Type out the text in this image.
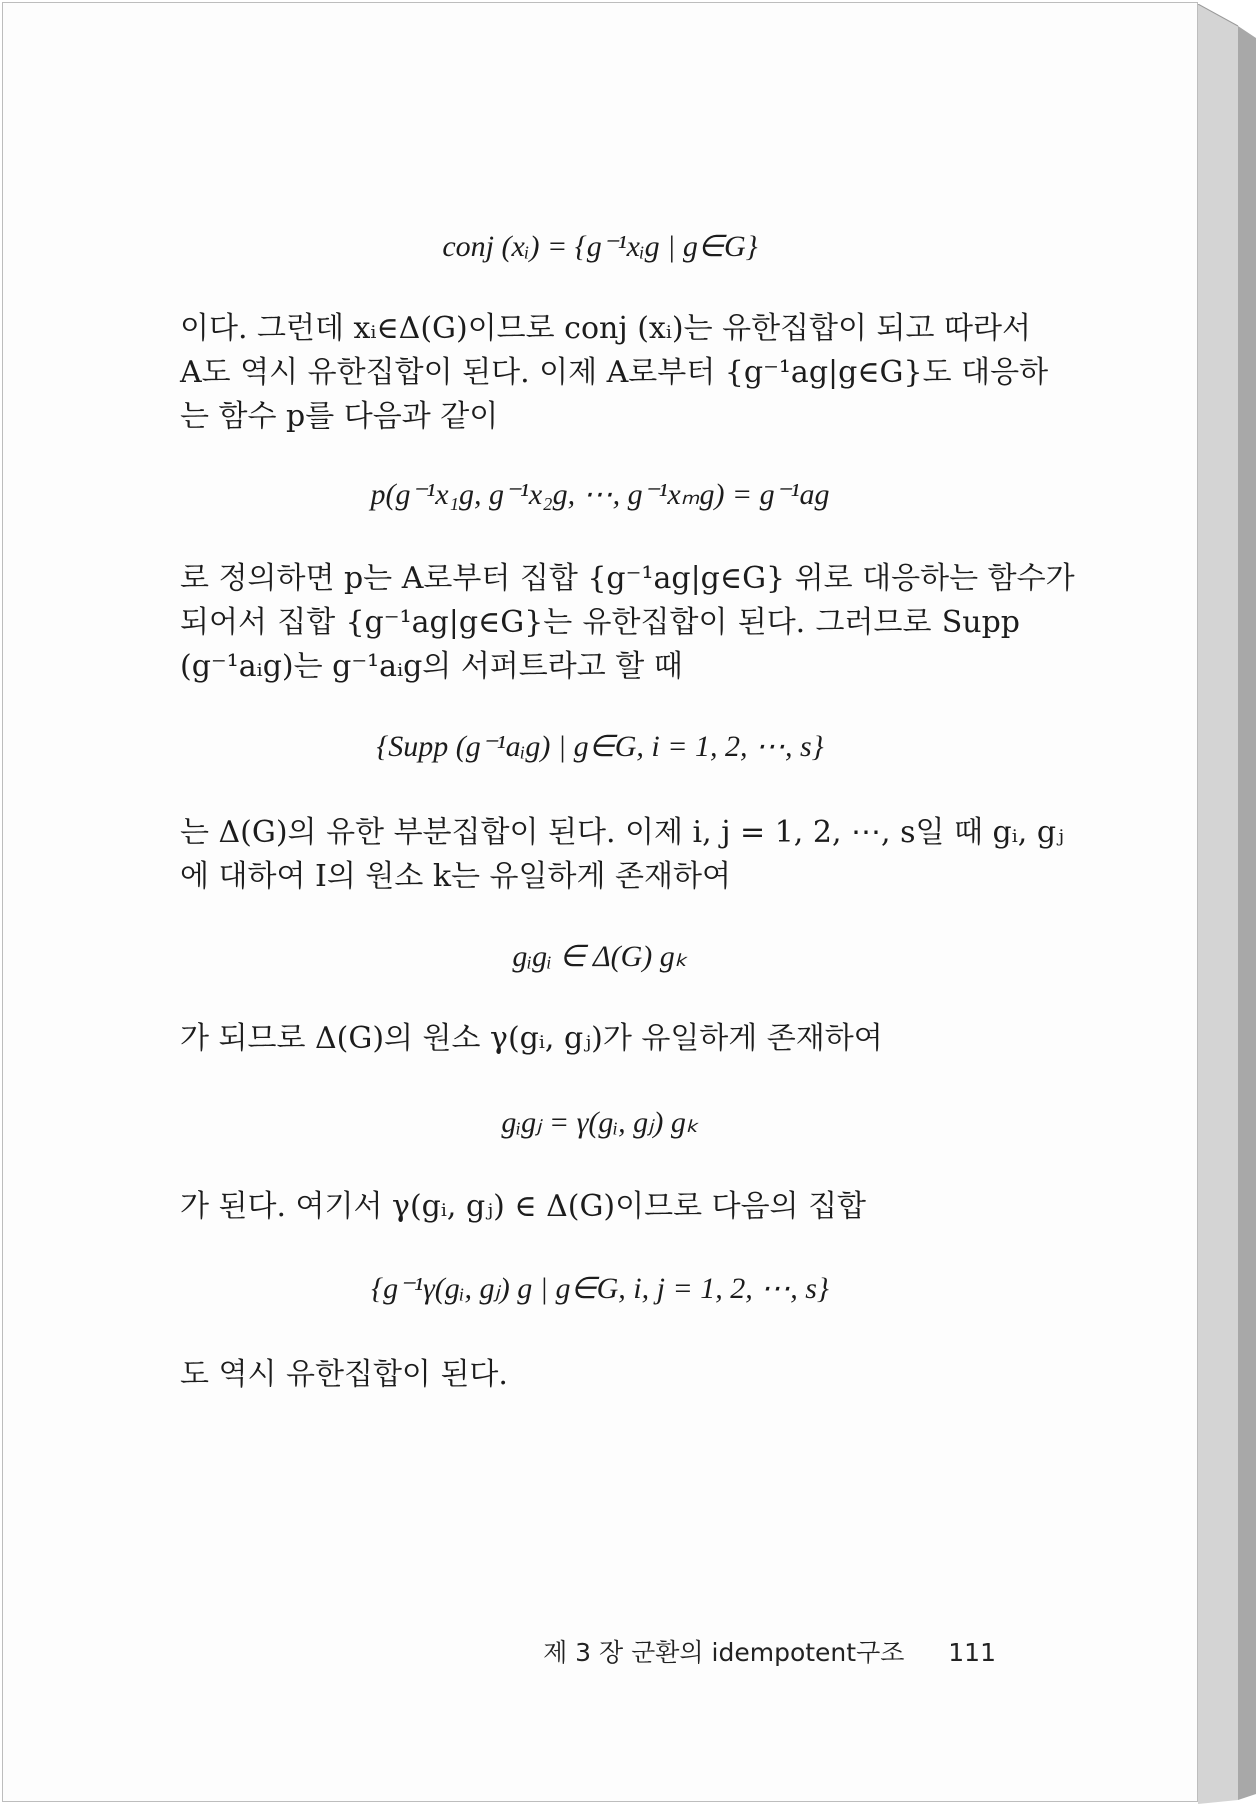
conj (xᵢ) = {g⁻¹xᵢg | g∈G}
이다. 그런데 xᵢ∈Δ(G)이므로 conj (xᵢ)는 유한집합이 되고 따라서
A도 역시 유한집합이 된다. 이제 A로부터 {g⁻¹ag|g∈G}도 대응하
는 함수 p를 다음과 같이
p(g⁻¹x₁g, g⁻¹x₂g, ⋯, g⁻¹xₘg) = g⁻¹ag
로 정의하면 p는 A로부터 집합 {g⁻¹ag|g∈G} 위로 대응하는 함수가
되어서 집합 {g⁻¹ag|g∈G}는 유한집합이 된다. 그러므로 Supp
(g⁻¹aᵢg)는 g⁻¹aᵢg의 서퍼트라고 할 때
{Supp (g⁻¹aᵢg) | g∈G, i = 1, 2, ⋯, s}
는 Δ(G)의 유한 부분집합이 된다. 이제 i, j = 1, 2, ⋯, s일 때 gᵢ, gⱼ
에 대하여 I의 원소 k는 유일하게 존재하여
gᵢgᵢ ∈ Δ(G) gₖ
가 되므로 Δ(G)의 원소 γ(gᵢ, gⱼ)가 유일하게 존재하여
gᵢgⱼ = γ(gᵢ, gⱼ) gₖ
가 된다. 여기서 γ(gᵢ, gⱼ) ∈ Δ(G)이므로 다음의 집합
{g⁻¹γ(gᵢ, gⱼ) g | g∈G, i, j = 1, 2, ⋯, s}
도 역시 유한집합이 된다.
제 3 장 군환의 idempotent구조 111
